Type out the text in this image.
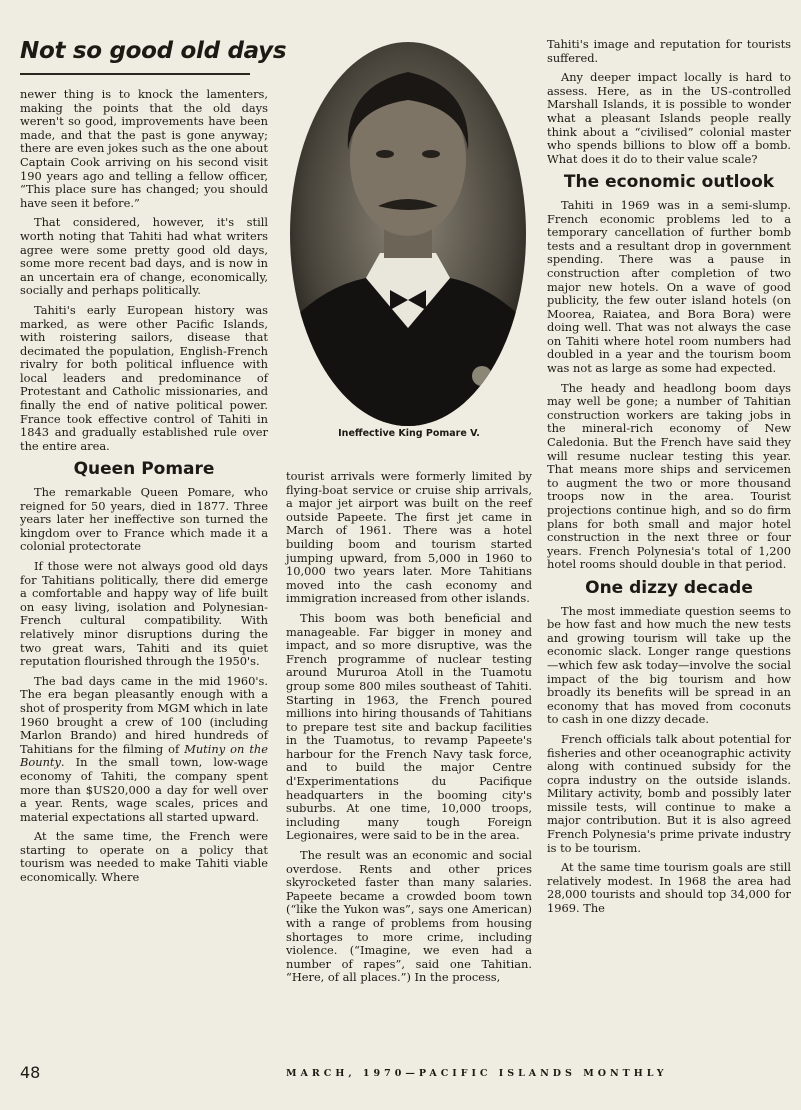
Not so good old days

newer thing is to knock the lamenters, making the points that the old days weren't so good, improvements have been made, and that the past is gone anyway; there are even jokes such as the one about Captain Cook arriving on his second visit 190 years ago and telling a fellow officer, “This place sure has changed; you should have seen it before.”

That considered, however, it's still worth noting that Tahiti had what writers agree were some pretty good old days, some more recent bad days, and is now in an uncertain era of change, economically, socially and perhaps politically.

Tahiti's early European history was marked, as were other Pacific Islands, with roistering sailors, disease that decimated the population, English-French rivalry for both political influence with local leaders and predominance of Protestant and Catholic missionaries, and finally the end of native political power. France took effective control of Tahiti in 1843 and gradually established rule over the entire area.

Queen Pomare

The remarkable Queen Pomare, who reigned for 50 years, died in 1877. Three years later her ineffective son turned the kingdom over to France which made it a colonial protectorate

If those were not always good old days for Tahitians politically, there did emerge a comfortable and happy way of life built on easy living, isolation and Polynesian-French cultural compatibility. With relatively minor disruptions during the two great wars, Tahiti and its quiet reputation flourished through the 1950's.

The bad days came in the mid 1960's. The era began pleasantly enough with a shot of prosperity from MGM which in late 1960 brought a crew of 100 (including Marlon Brando) and hired hundreds of Tahitians for the filming of Mutiny on the Bounty. In the small town, low-wage economy of Tahiti, the company spent more than $US20,000 a day for well over a year. Rents, wage scales, prices and material expectations all started upward.

At the same time, the French were starting to operate on a policy that tourism was needed to make Tahiti viable economically. Where

Ineffective King Pomare V.

tourist arrivals were formerly limited by flying-boat service or cruise ship arrivals, a major jet airport was built on the reef outside Papeete. The first jet came in March of 1961. There was a hotel building boom and tourism started jumping upward, from 5,000 in 1960 to 10,000 two years later. More Tahitians moved into the cash economy and immigration increased from other islands.

This boom was both beneficial and manageable. Far bigger in money and impact, and so more disruptive, was the French programme of nuclear testing around Mururoa Atoll in the Tuamotu group some 800 miles southeast of Tahiti. Starting in 1963, the French poured millions into hiring thousands of Tahitians to prepare test site and backup facilities in the Tuamotus, to revamp Papeete's harbour for the French Navy task force, and to build the major Centre d'Experimentations du Pacifique headquarters in the booming city's suburbs. At one time, 10,000 troops, including many tough Foreign Legionaires, were said to be in the area.

The result was an economic and social overdose. Rents and other prices skyrocketed faster than many salaries. Papeete became a crowded boom town (“like the Yukon was”, says one American) with a range of problems from housing shortages to more crime, including violence. (“Imagine, we even had a number of rapes”, said one Tahitian. “Here, of all places.”) In the process,

Tahiti's image and reputation for tourists suffered.

Any deeper impact locally is hard to assess. Here, as in the US-controlled Marshall Islands, it is possible to wonder what a pleasant Islands people really think about a “civilised” colonial master who spends billions to blow off a bomb. What does it do to their value scale?

The economic outlook

Tahiti in 1969 was in a semi-slump. French economic problems led to a temporary cancellation of further bomb tests and a resultant drop in government spending. There was a pause in construction after completion of two major new hotels. On a wave of good publicity, the few outer island hotels (on Moorea, Raiatea, and Bora Bora) were doing well. That was not always the case on Tahiti where hotel room numbers had doubled in a year and the tourism boom was not as large as some had expected.

The heady and headlong boom days may well be gone; a number of Tahitian construction workers are taking jobs in the mineral-rich economy of New Caledonia. But the French have said they will resume nuclear testing this year. That means more ships and servicemen to augment the two or more thousand troops now in the area. Tourist projections continue high, and so do firm plans for both small and major hotel construction in the next three or four years. French Polynesia's total of 1,200 hotel rooms should double in that period.

One dizzy decade

The most immediate question seems to be how fast and how much the new tests and growing tourism will take up the economic slack. Longer range questions—which few ask today—involve the social impact of the big tourism and how broadly its benefits will be spread in an economy that has moved from coconuts to cash in one dizzy decade.

French officials talk about potential for fisheries and other oceanographic activity along with continued subsidy for the copra industry on the outside islands. Military activity, bomb and possibly later missile tests, will continue to make a major contribution. But it is also agreed French Polynesia's prime private industry is to be tourism.

At the same time tourism goals are still relatively modest. In 1968 the area had 28,000 tourists and should top 34,000 for 1969. The

48	MARCH, 1970—PACIFIC ISLANDS MONTHLY
